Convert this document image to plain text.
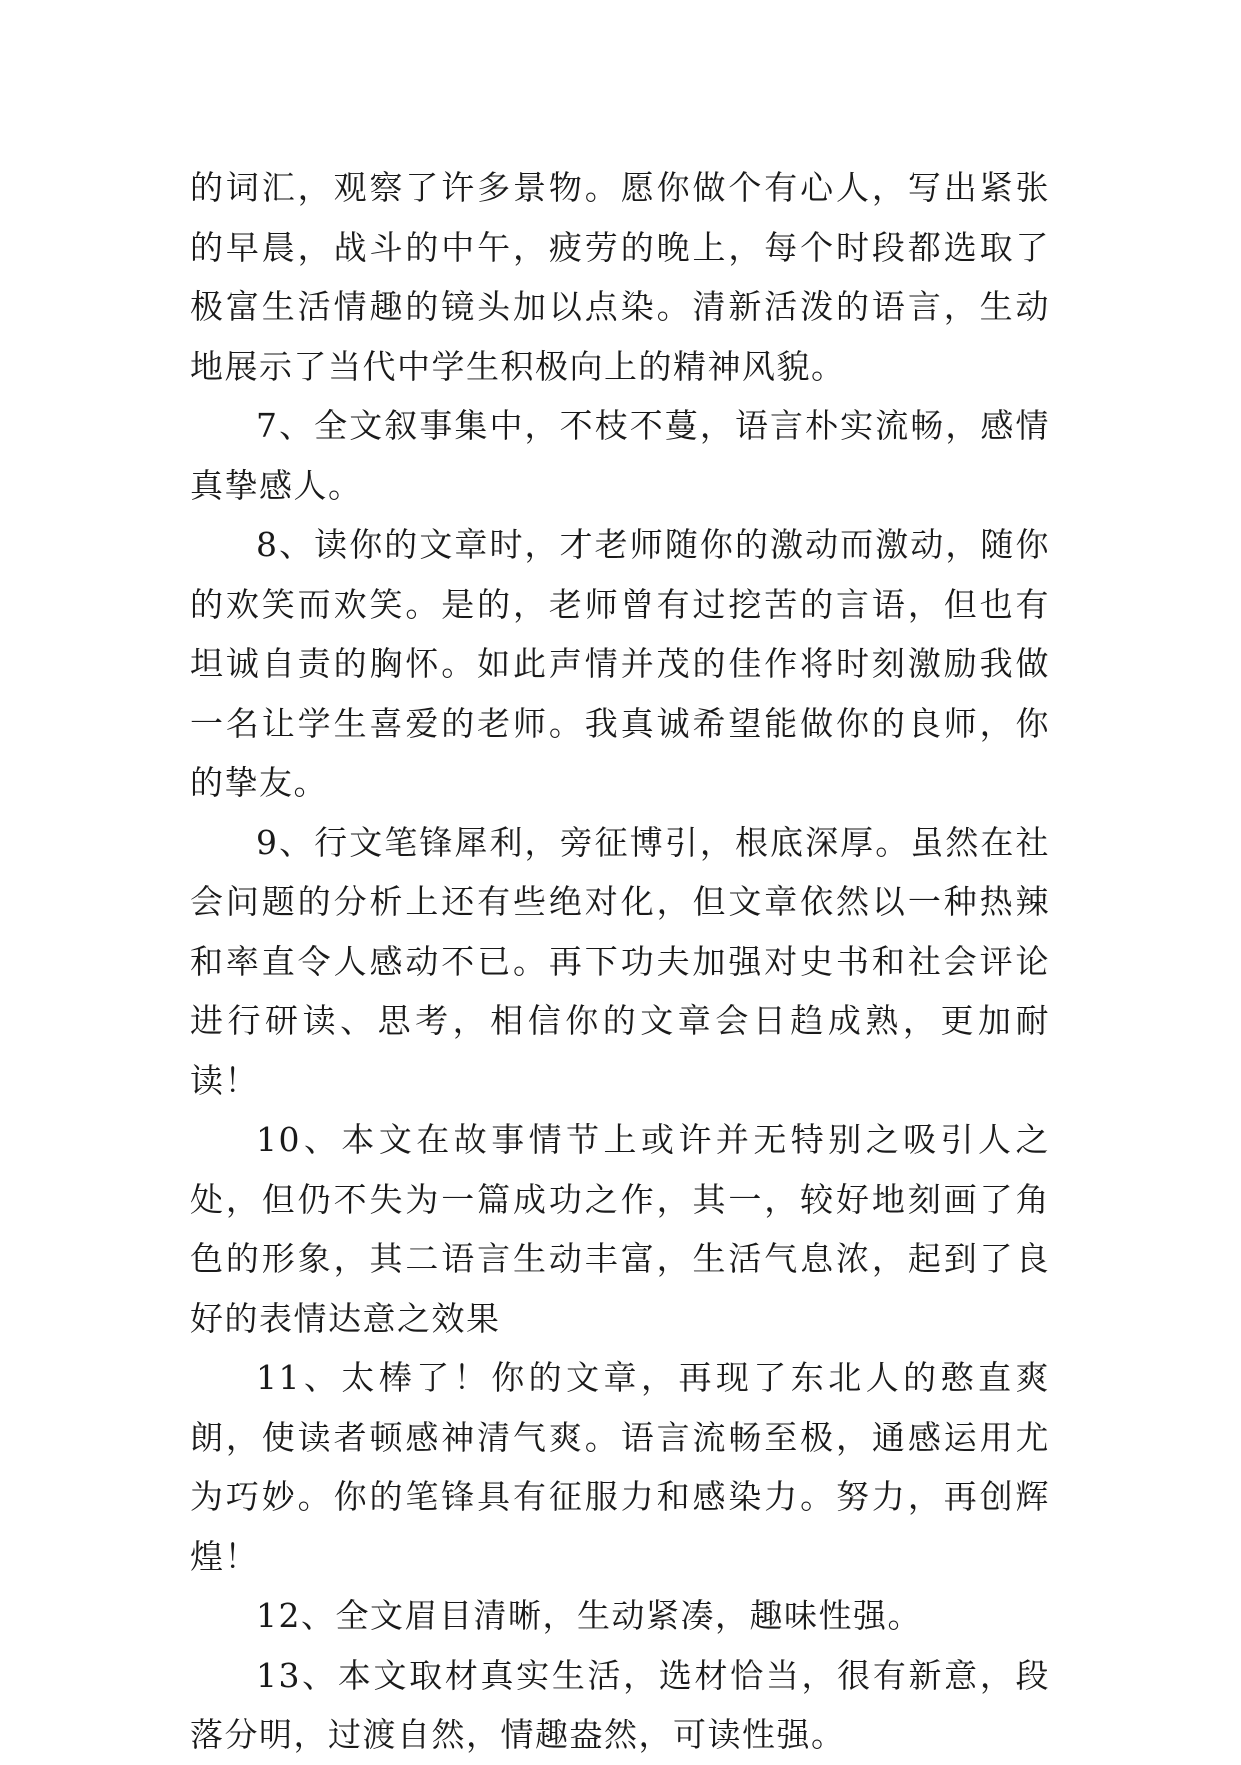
的词汇，观察了许多景物。愿你做个有心人，写出紧张的早晨，战斗的中午，疲劳的晚上，每个时段都选取了极富生活情趣的镜头加以点染。清新活泼的语言，生动地展示了当代中学生积极向上的精神风貌。

7、全文叙事集中，不枝不蔓，语言朴实流畅，感情真挚感人。

8、读你的文章时，才老师随你的激动而激动，随你的欢笑而欢笑。是的，老师曾有过挖苦的言语，但也有坦诚自责的胸怀。如此声情并茂的佳作将时刻激励我做一名让学生喜爱的老师。我真诚希望能做你的良师，你的挚友。

9、行文笔锋犀利，旁征博引，根底深厚。虽然在社会问题的分析上还有些绝对化，但文章依然以一种热辣和率直令人感动不已。再下功夫加强对史书和社会评论进行研读、思考，相信你的文章会日趋成熟，更加耐读！

10、本文在故事情节上或许并无特别之吸引人之处，但仍不失为一篇成功之作，其一，较好地刻画了角色的形象，其二语言生动丰富，生活气息浓，起到了良好的表情达意之效果

11、太棒了！你的文章，再现了东北人的憨直爽朗，使读者顿感神清气爽。语言流畅至极，通感运用尤为巧妙。你的笔锋具有征服力和感染力。努力，再创辉煌！

12、全文眉目清晰，生动紧凑，趣味性强。

13、本文取材真实生活，选材恰当，很有新意，段落分明，过渡自然，情趣盎然，可读性强。
